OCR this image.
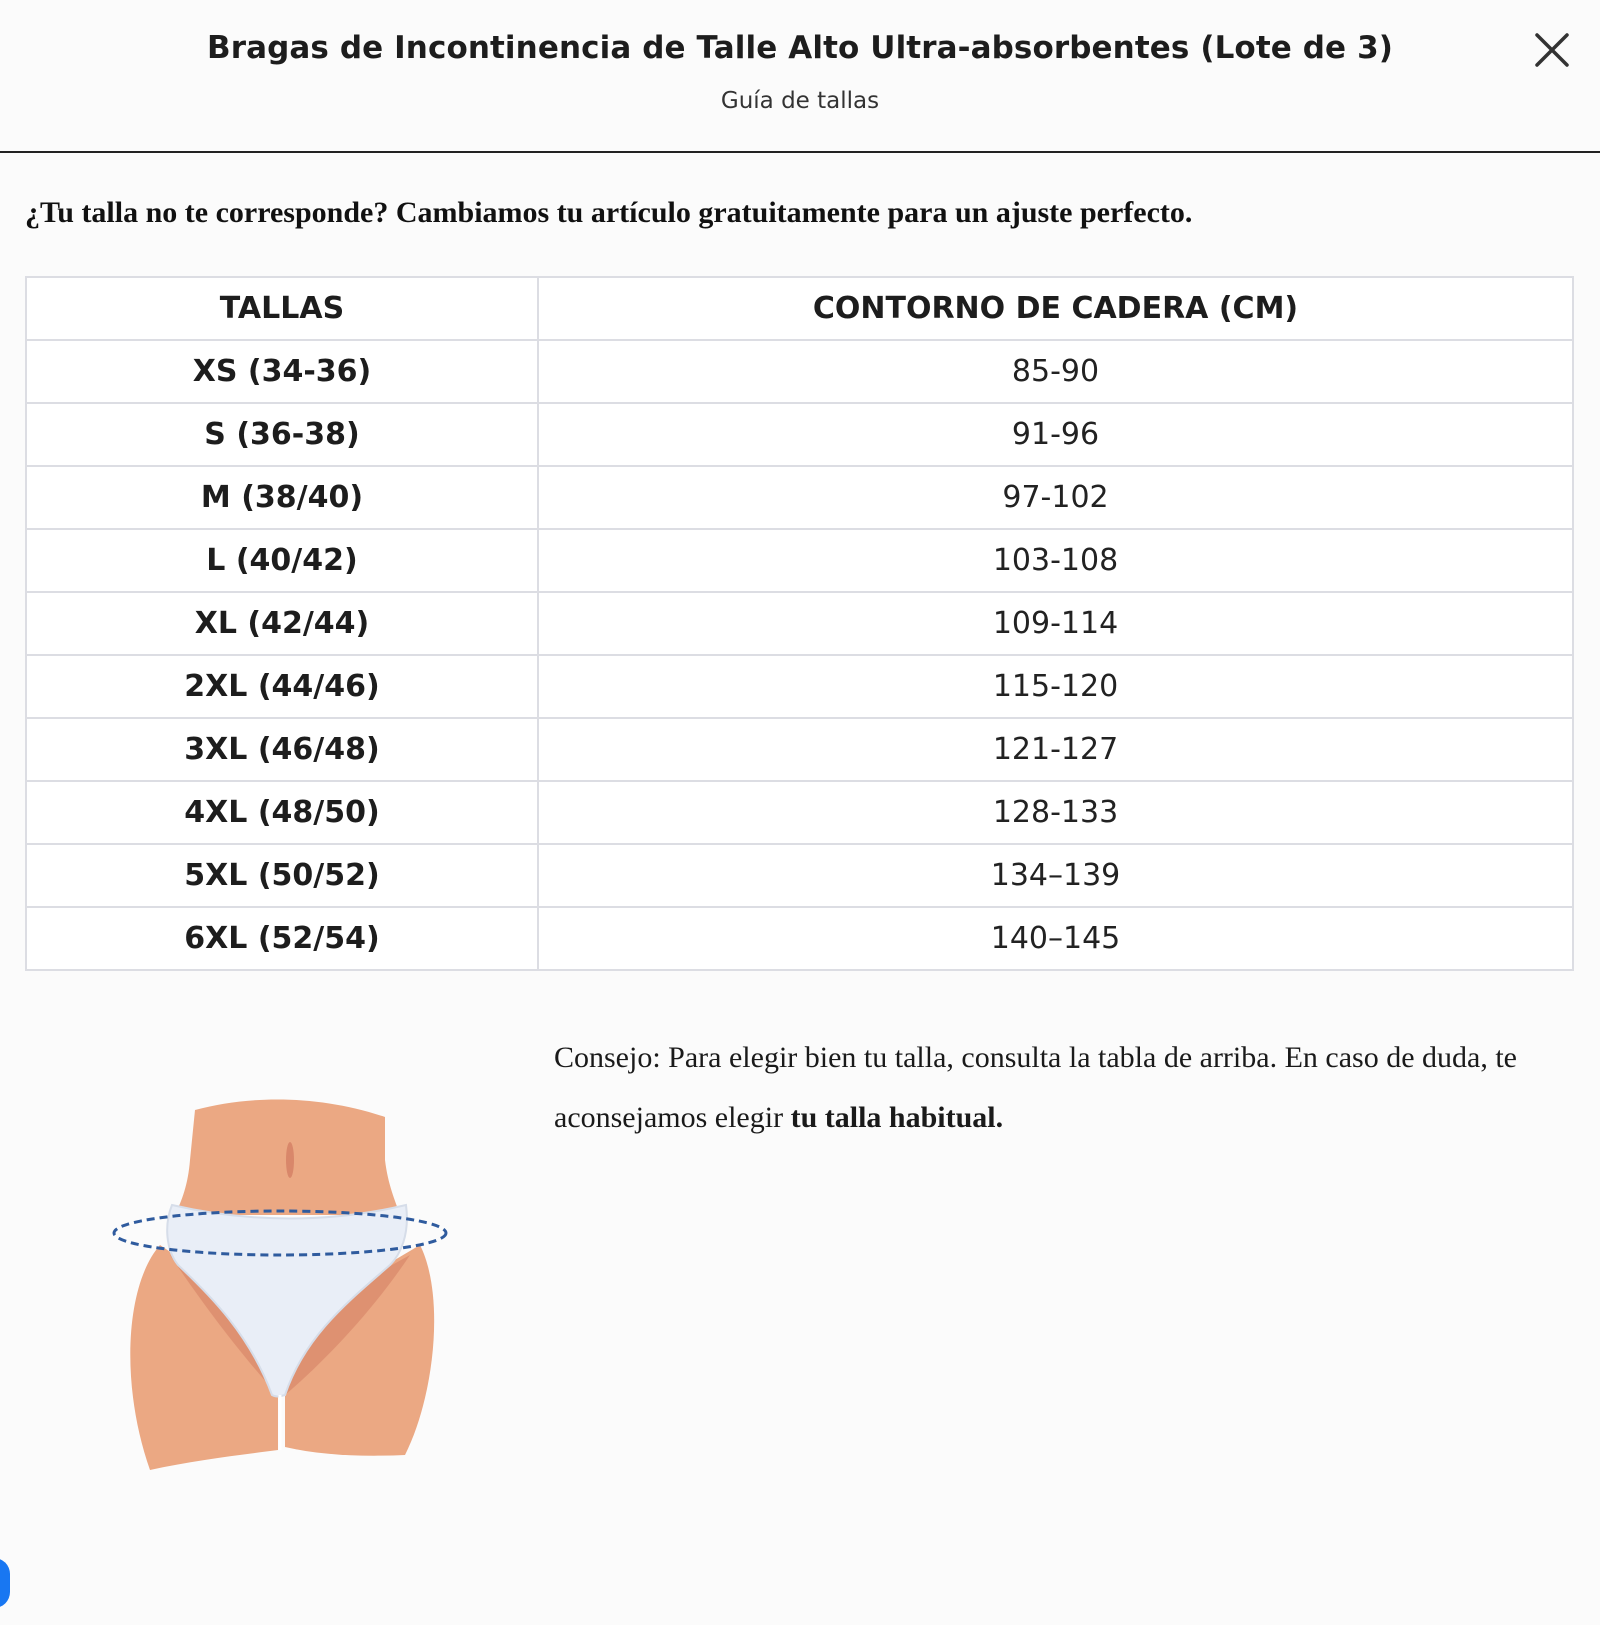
Bragas de Incontinencia de Talle Alto Ultra-absorbentes (Lote de 3)
Guía de tallas
¿Tu talla no te corresponde? Cambiamos tu artículo gratuitamente para un ajuste perfecto.
TALLAS	CONTORNO DE CADERA (CM)
XS (34-36)	85-90
S (36-38)	91-96
M (38/40)	97-102
L (40/42)	103-108
XL (42/44)	109-114
2XL (44/46)	115-120
3XL (46/48)	121-127
4XL (48/50)	128-133
5XL (50/52)	134–139
6XL (52/54)	140–145
Consejo: Para elegir bien tu talla, consulta la tabla de arriba. En caso de duda, te aconsejamos elegir tu talla habitual.
